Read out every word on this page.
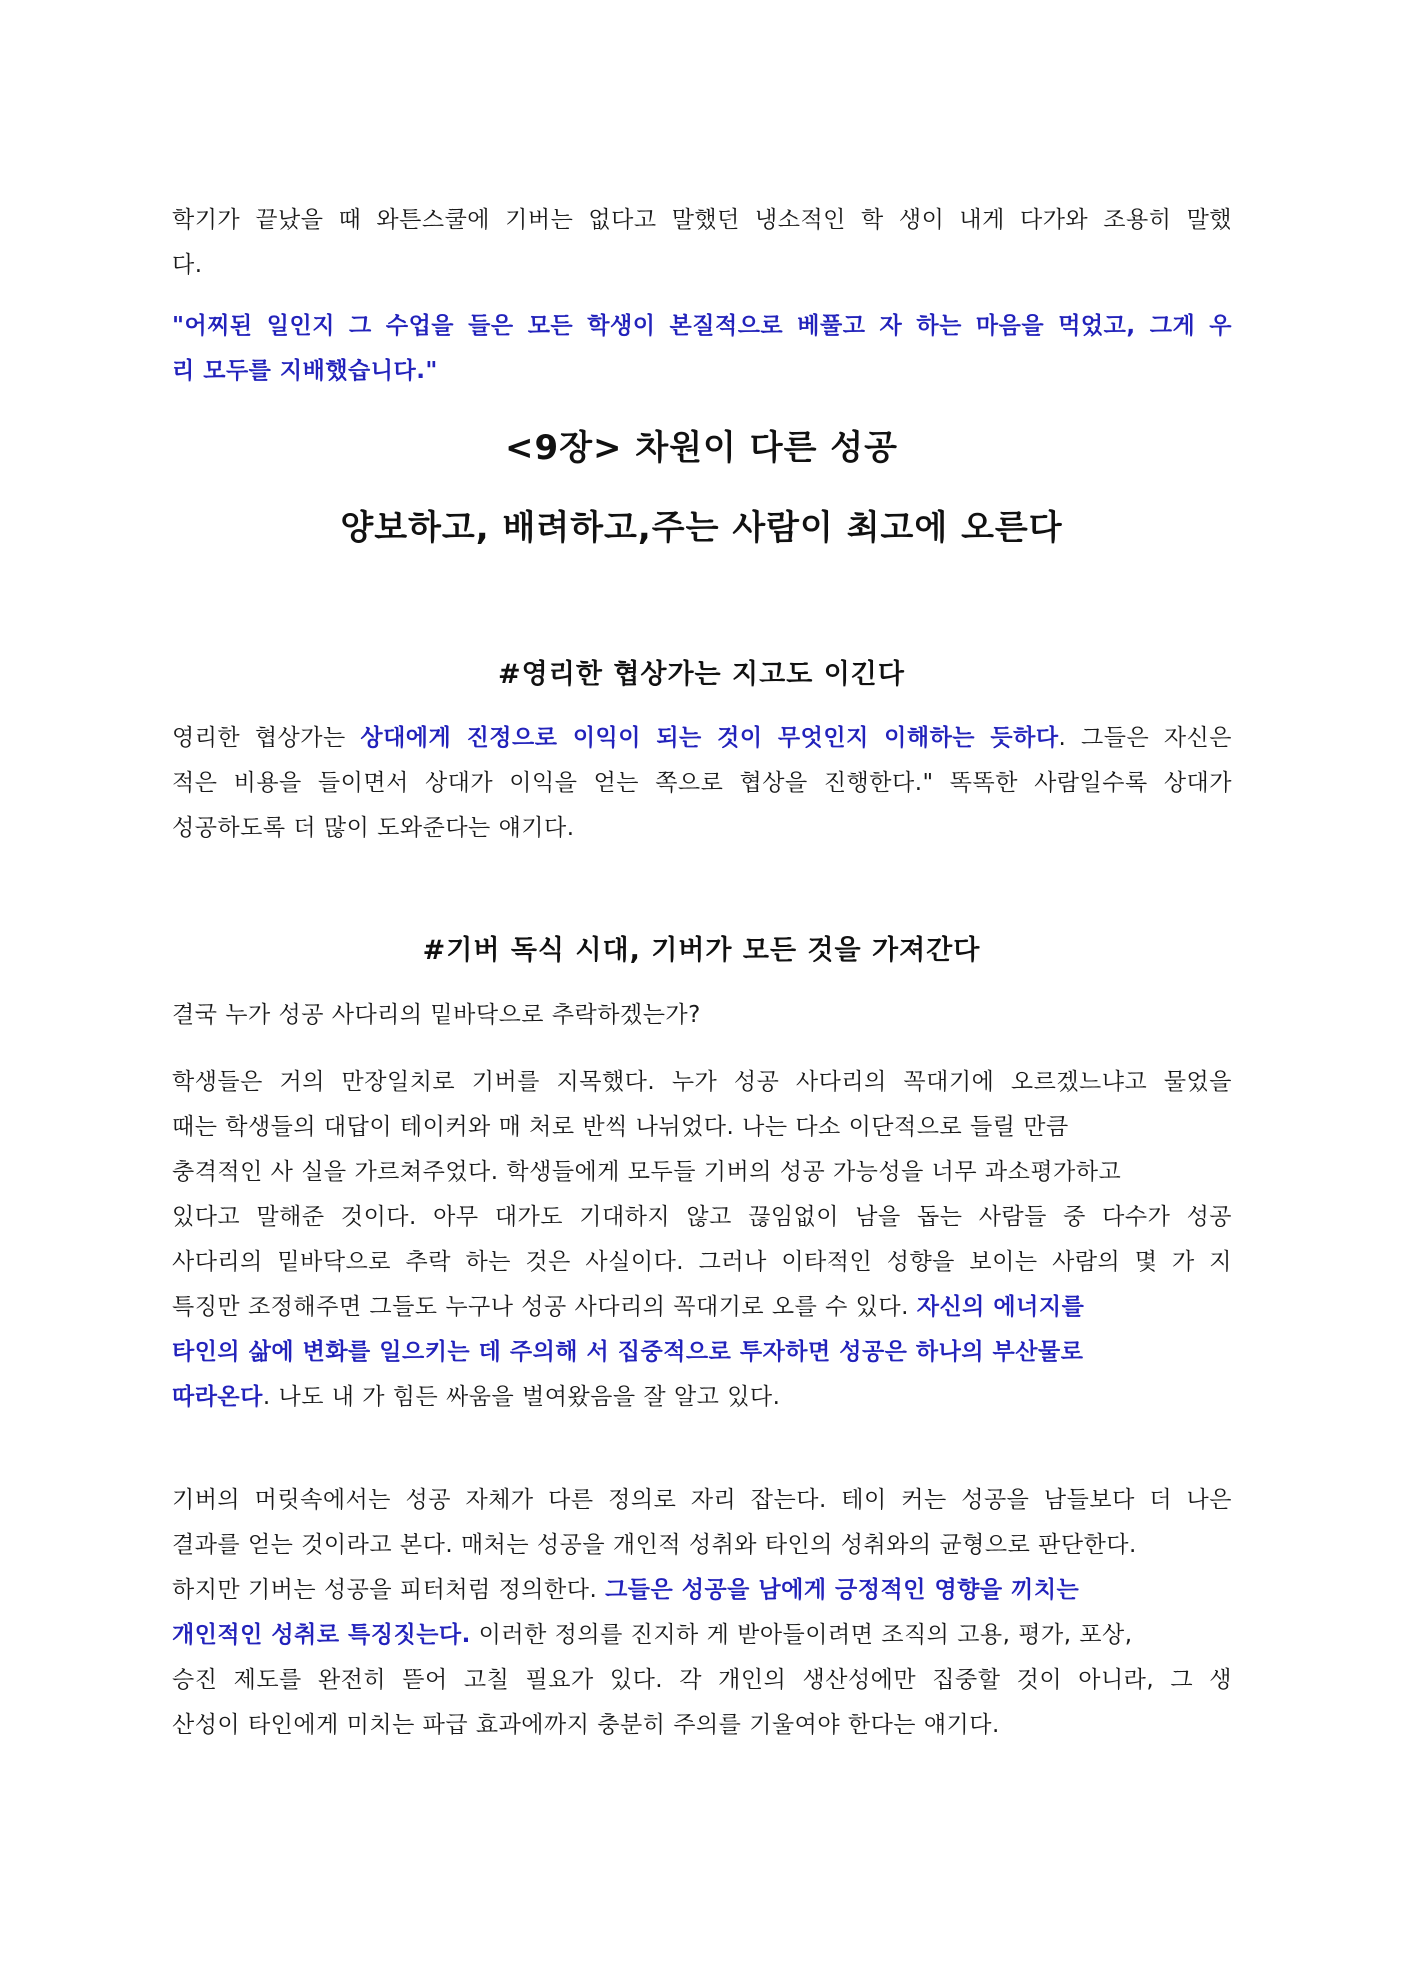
학기가 끝났을 때 와튼스쿨에 기버는 없다고 말했던 냉소적인 학 생이 내게 다가와 조용히 말했
다.
"어찌된 일인지 그 수업을 들은 모든 학생이 본질적으로 베풀고 자 하는 마음을 먹었고, 그게 우
리 모두를 지배했습니다."
<9장> 차원이 다른 성공
양보하고, 배려하고,주는 사람이 최고에 오른다
#영리한 협상가는 지고도 이긴다
영리한 협상가는 상대에게 진정으로 이익이 되는 것이 무엇인지 이해하는 듯하다. 그들은 자신은
적은 비용을 들이면서 상대가 이익을 얻는 쪽으로 협상을 진행한다." 똑똑한 사람일수록 상대가
성공하도록 더 많이 도와준다는 얘기다.
#기버 독식 시대, 기버가 모든 것을 가져간다
결국 누가 성공 사다리의 밑바닥으로 추락하겠는가?
학생들은 거의 만장일치로 기버를 지목했다. 누가 성공 사다리의 꼭대기에 오르겠느냐고 물었을
때는 학생들의 대답이 테이커와 매 처로 반씩 나뉘었다. 나는 다소 이단적으로 들릴 만큼
충격적인 사 실을 가르쳐주었다. 학생들에게 모두들 기버의 성공 가능성을 너무 과소평가하고
있다고 말해준 것이다. 아무 대가도 기대하지 않고 끊임없이 남을 돕는 사람들 중 다수가 성공
사다리의 밑바닥으로 추락 하는 것은 사실이다. 그러나 이타적인 성향을 보이는 사람의 몇 가 지
특징만 조정해주면 그들도 누구나 성공 사다리의 꼭대기로 오를 수 있다. 자신의 에너지를
타인의 삶에 변화를 일으키는 데 주의해 서 집중적으로 투자하면 성공은 하나의 부산물로
따라온다. 나도 내 가 힘든 싸움을 벌여왔음을 잘 알고 있다.
기버의 머릿속에서는 성공 자체가 다른 정의로 자리 잡는다. 테이 커는 성공을 남들보다 더 나은
결과를 얻는 것이라고 본다. 매처는 성공을 개인적 성취와 타인의 성취와의 균형으로 판단한다.
하지만 기버는 성공을 피터처럼 정의한다. 그들은 성공을 남에게 긍정적인 영향을 끼치는
개인적인 성취로 특징짓는다. 이러한 정의를 진지하 게 받아들이려면 조직의 고용, 평가, 포상,
승진 제도를 완전히 뜯어 고칠 필요가 있다. 각 개인의 생산성에만 집중할 것이 아니라, 그 생
산성이 타인에게 미치는 파급 효과에까지 충분히 주의를 기울여야 한다는 얘기다.
